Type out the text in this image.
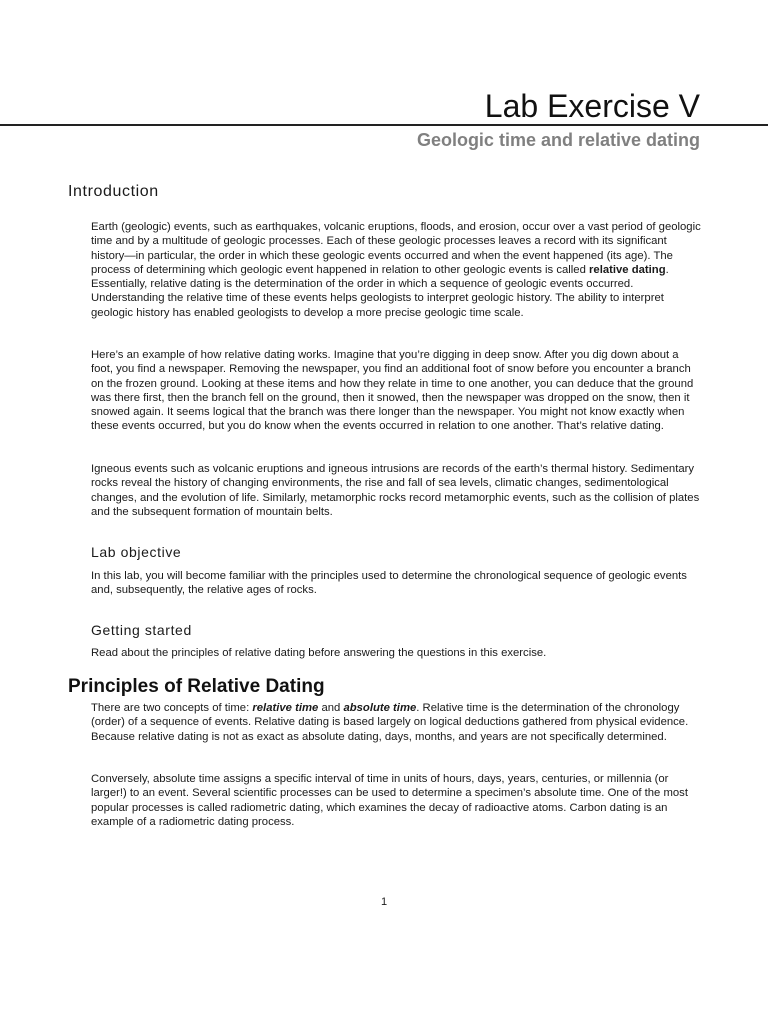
Lab Exercise V
Geologic time and relative dating
Introduction

Earth (geologic) events, such as earthquakes, volcanic eruptions, floods, and erosion, occur over a vast period of geologic time and by a multitude of geologic processes. Each of these geologic processes leaves a record with its significant history—in particular, the order in which these geologic events occurred and when the event happened (its age). The process of determining which geologic event happened in relation to other geologic events is called relative dating. Essentially, relative dating is the determination of the order in which a sequence of geologic events occurred. Understanding the relative time of these events helps geologists to interpret geologic history. The ability to interpret geologic history has enabled geologists to develop a more precise geologic time scale.

Here’s an example of how relative dating works. Imagine that you’re digging in deep snow. After you dig down about a foot, you find a newspaper. Removing the newspaper, you find an additional foot of snow before you encounter a branch on the frozen ground. Looking at these items and how they relate in time to one another, you can deduce that the ground was there first, then the branch fell on the ground, then it snowed, then the newspaper was dropped on the snow, then it snowed again. It seems logical that the branch was there longer than the newspaper. You might not know exactly when these events occurred, but you do know when the events occurred in relation to one another. That’s relative dating.

Igneous events such as volcanic eruptions and igneous intrusions are records of the earth’s thermal history. Sedimentary rocks reveal the history of changing environments, the rise and fall of sea levels, climatic changes, sedimentological changes, and the evolution of life. Similarly, metamorphic rocks record metamorphic events, such as the collision of plates and the subsequent formation of mountain belts.

Lab objective

In this lab, you will become familiar with the principles used to determine the chronological sequence of geologic events and, subsequently, the relative ages of rocks.

Getting started

Read about the principles of relative dating before answering the questions in this exercise.

Principles of Relative Dating

There are two concepts of time: relative time and absolute time. Relative time is the determination of the chronology (order) of a sequence of events. Relative dating is based largely on logical deductions gathered from physical evidence. Because relative dating is not as exact as absolute dating, days, months, and years are not specifically determined.

Conversely, absolute time assigns a specific interval of time in units of hours, days, years, centuries, or millennia (or larger!) to an event. Several scientific processes can be used to determine a specimen’s absolute time. One of the most popular processes is called radiometric dating, which examines the decay of radioactive atoms. Carbon dating is an example of a radiometric dating process.

1
